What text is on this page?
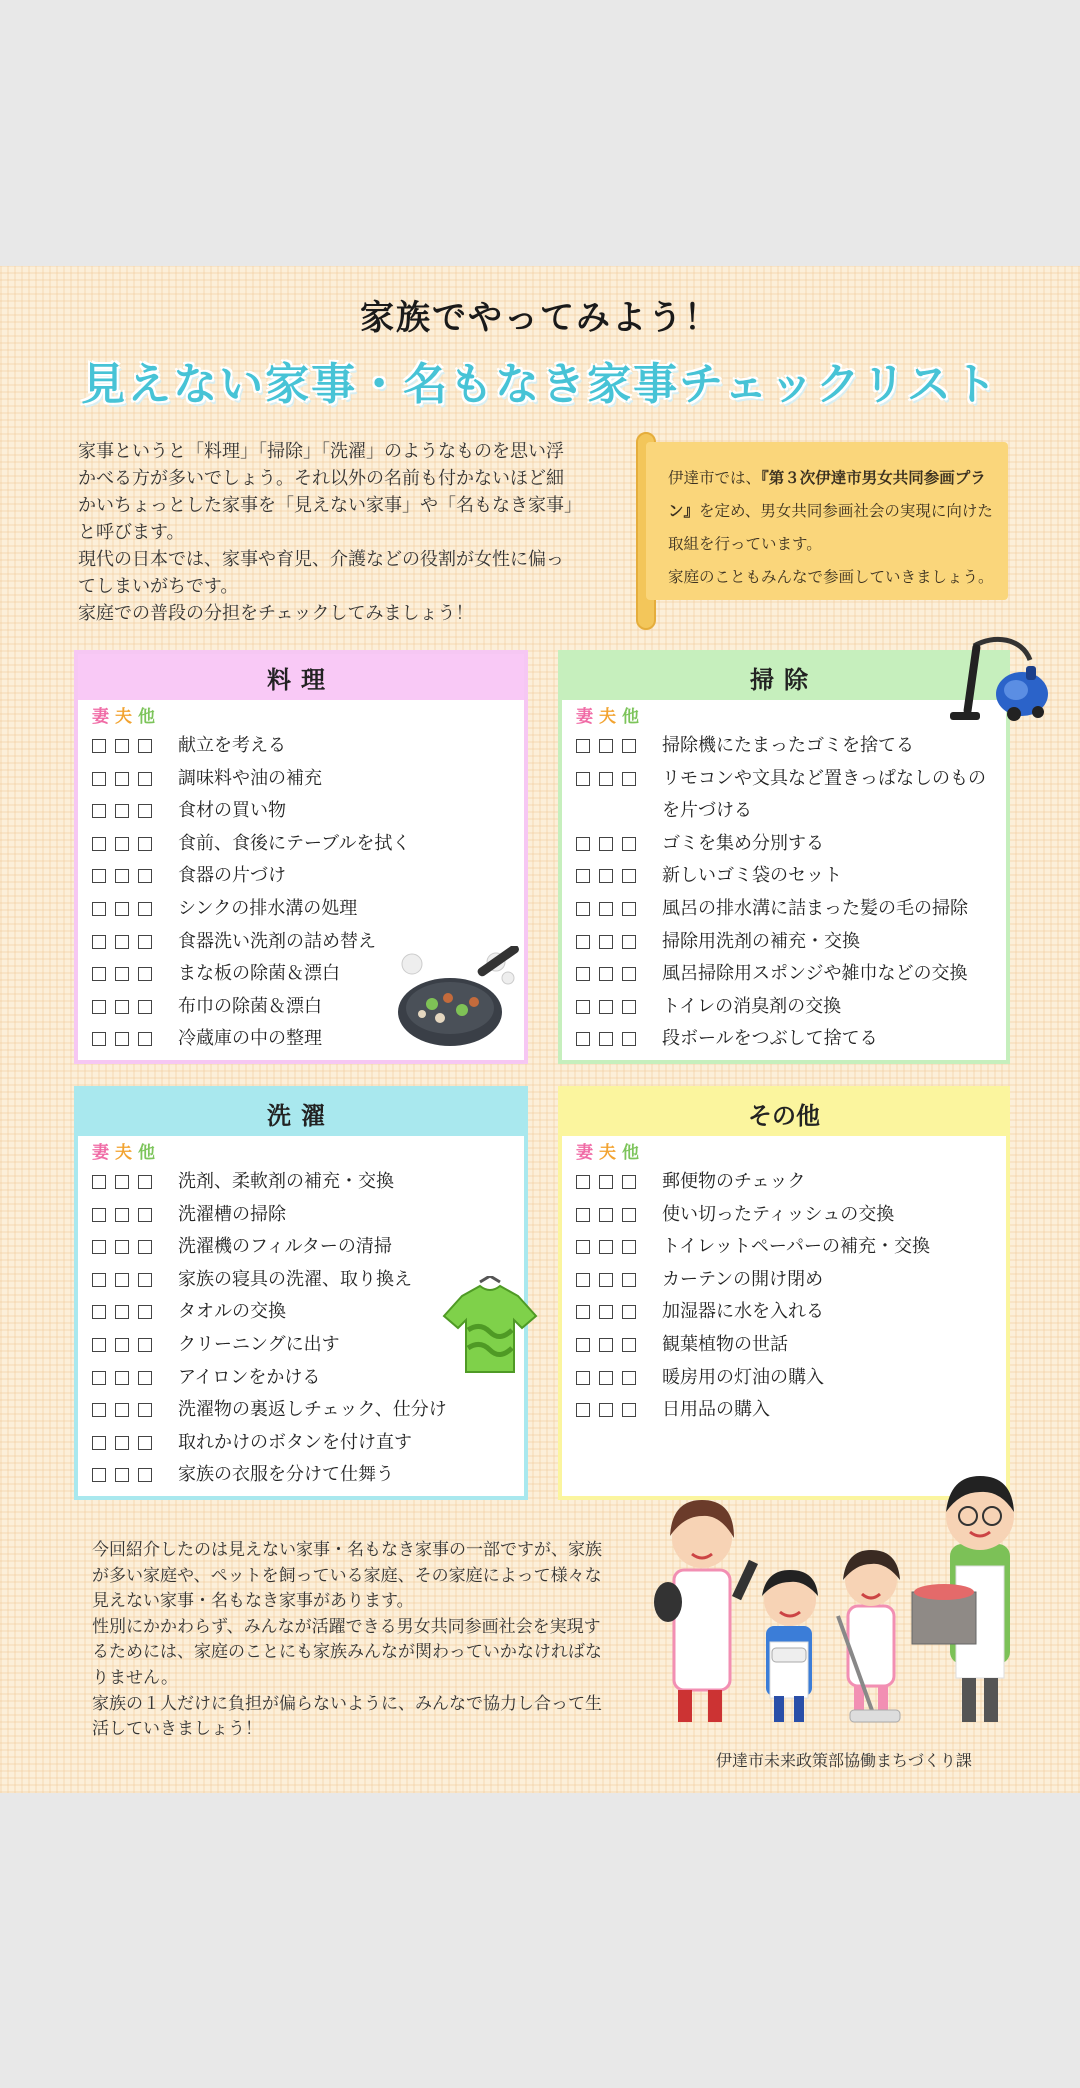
家族でやってみよう！
見えない家事・名もなき家事チェックリスト

家事というと「料理」「掃除」「洗濯」のようなものを思い浮かべる方が多いでしょう。それ以外の名前も付かないほど細かいちょっとした家事を「見えない家事」や「名もなき家事」と呼びます。

現代の日本では、家事や育児、介護などの役割が女性に偏ってしまいがちです。

家庭での普段の分担をチェックしてみましょう！

伊達市では、『第３次伊達市男女共同参画プラン』を定め、男女共同参画社会の実現に向けた取組を行っています。
家庭のこともみんなで参画していきましょう。
料理
妻 夫 他
献立を考える
調味料や油の補充
食材の買い物
食前、食後にテーブルを拭く
食器の片づけ
シンクの排水溝の処理
食器洗い洗剤の詰め替え
まな板の除菌＆漂白
布巾の除菌＆漂白
冷蔵庫の中の整理
掃除
妻 夫 他
掃除機にたまったゴミを捨てる
リモコンや文具など置きっぱなしのものを片づける
ゴミを集め分別する
新しいゴミ袋のセット
風呂の排水溝に詰まった髪の毛の掃除
掃除用洗剤の補充・交換
風呂掃除用スポンジや雑巾などの交換
トイレの消臭剤の交換
段ボールをつぶして捨てる
洗濯
妻 夫 他
洗剤、柔軟剤の補充・交換
洗濯槽の掃除
洗濯機のフィルターの清掃
家族の寝具の洗濯、取り換え
タオルの交換
クリーニングに出す
アイロンをかける
洗濯物の裏返しチェック、仕分け
取れかけのボタンを付け直す
家族の衣服を分けて仕舞う
その他
妻 夫 他
郵便物のチェック
使い切ったティッシュの交換
トイレットペーパーの補充・交換
カーテンの開け閉め
加湿器に水を入れる
観葉植物の世話
暖房用の灯油の購入
日用品の購入

今回紹介したのは見えない家事・名もなき家事の一部ですが、家族が多い家庭や、ペットを飼っている家庭、その家庭によって様々な見えない家事・名もなき家事があります。

性別にかかわらず、みんなが活躍できる男女共同参画社会を実現するためには、家庭のことにも家族みんなが関わっていかなければなりません。

家族の１人だけに負担が偏らないように、みんなで協力し合って生活していきましょう！

伊達市未来政策部協働まちづくり課
